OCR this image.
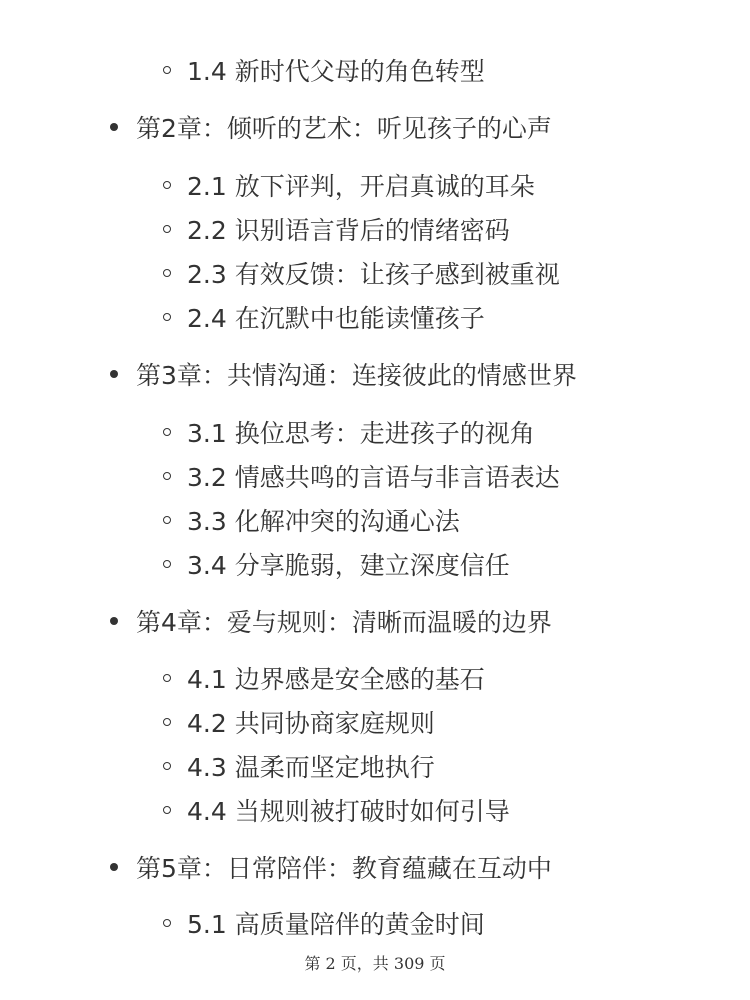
1.4 新时代父母的角色转型
第2章：倾听的艺术：听见孩子的心声
2.1 放下评判，开启真诚的耳朵
2.2 识别语言背后的情绪密码
2.3 有效反馈：让孩子感到被重视
2.4 在沉默中也能读懂孩子
第3章：共情沟通：连接彼此的情感世界
3.1 换位思考：走进孩子的视角
3.2 情感共鸣的言语与非言语表达
3.3 化解冲突的沟通心法
3.4 分享脆弱，建立深度信任
第4章：爱与规则：清晰而温暖的边界
4.1 边界感是安全感的基石
4.2 共同协商家庭规则
4.3 温柔而坚定地执行
4.4 当规则被打破时如何引导
第5章：日常陪伴：教育蕴藏在互动中
5.1 高质量陪伴的黄金时间
第 2 页，共 309 页
